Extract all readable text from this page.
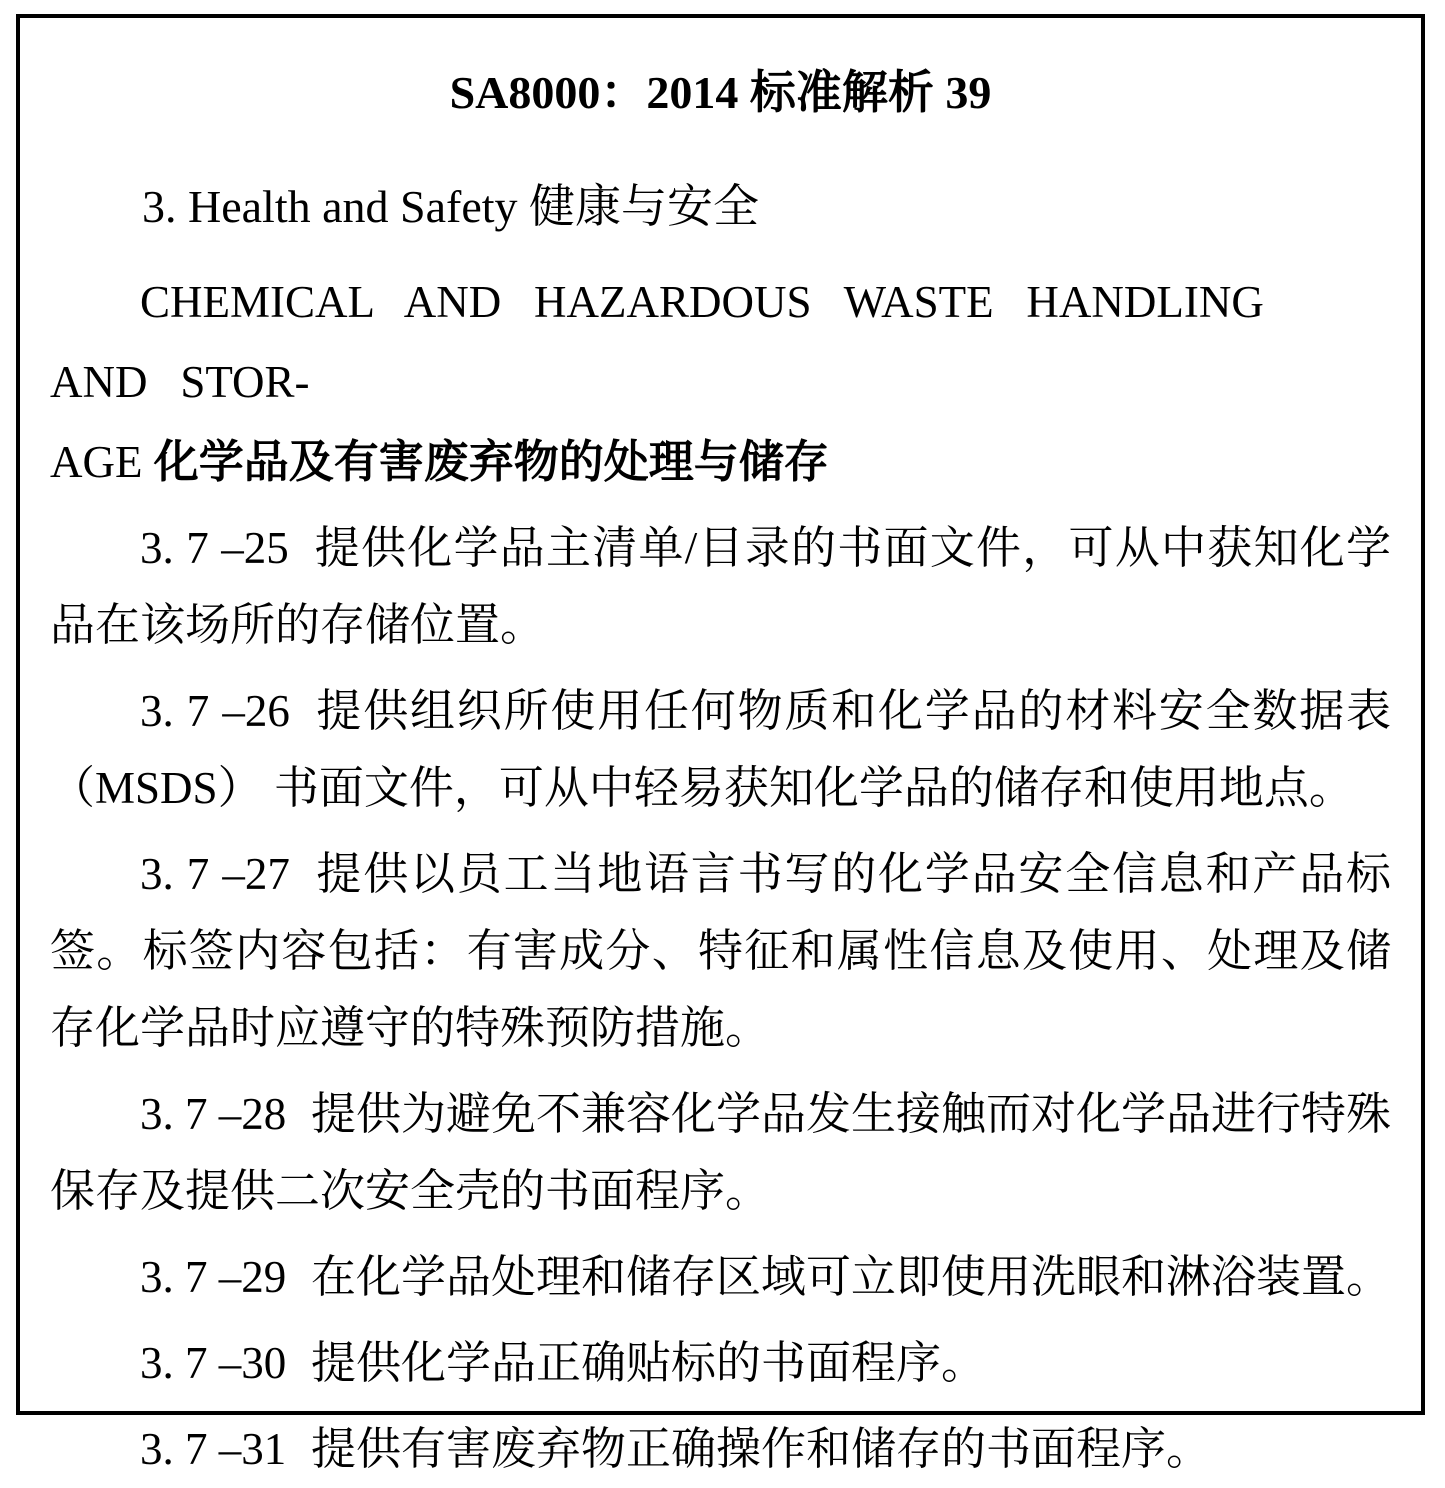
SA8000：2014 标准解析 39
3. Health and Safety 健康与安全

CHEMICAL AND HAZARDOUS WASTE HANDLING AND STOR-
AGE 化学品及有害废弃物的处理与储存

3. 7 –25 提供化学品主清单/目录的书面文件，可从中获知化学品在该场所的存储位置。

3. 7 –26 提供组织所使用任何物质和化学品的材料安全数据表（MSDS） 书面文件，可从中轻易获知化学品的储存和使用地点。

3. 7 –27 提供以员工当地语言书写的化学品安全信息和产品标签。标签内容包括：有害成分、特征和属性信息及使用、处理及储存化学品时应遵守的特殊预防措施。

3. 7 –28 提供为避免不兼容化学品发生接触而对化学品进行特殊保存及提供二次安全壳的书面程序。

3. 7 –29 在化学品处理和储存区域可立即使用洗眼和淋浴装置。

3. 7 –30 提供化学品正确贴标的书面程序。

3. 7 –31 提供有害废弃物正确操作和储存的书面程序。
